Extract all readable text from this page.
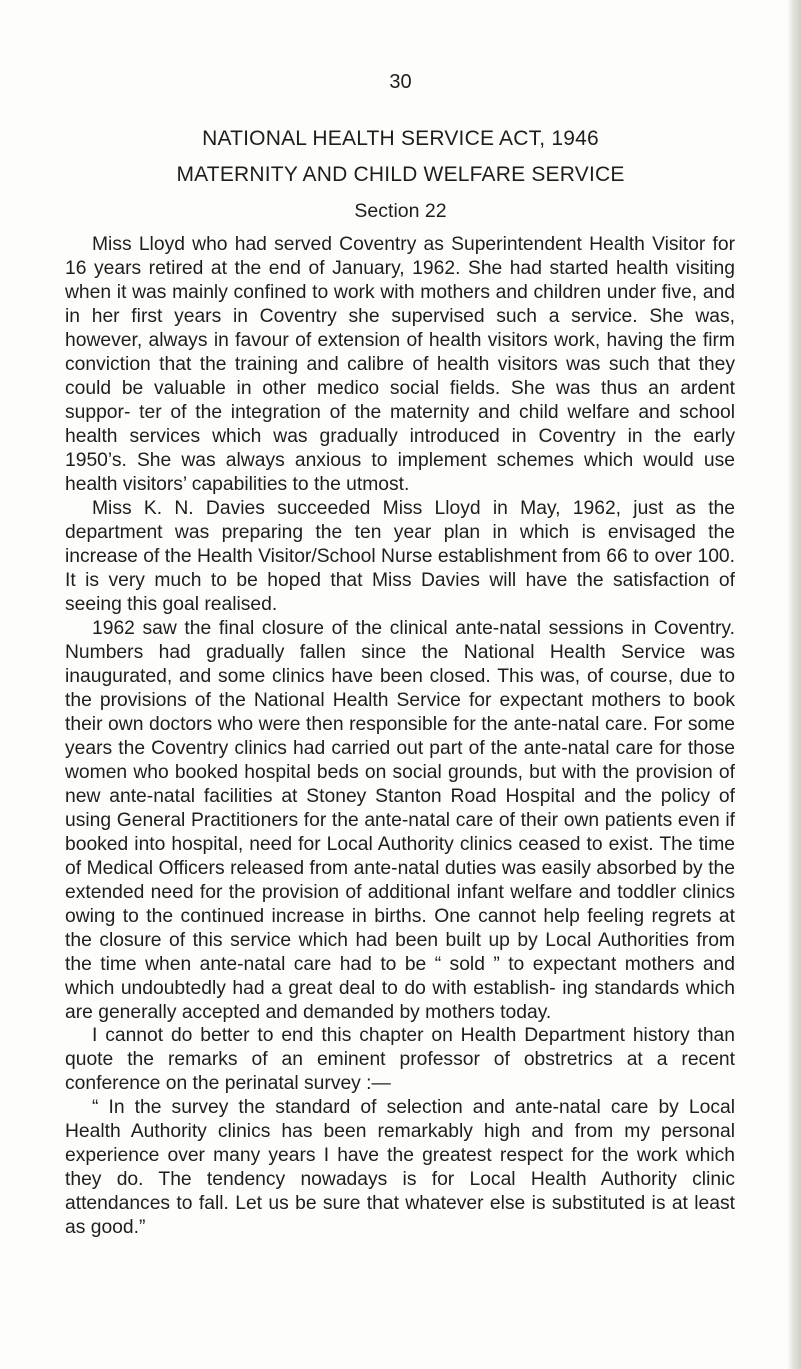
30
NATIONAL HEALTH SERVICE ACT, 1946
MATERNITY AND CHILD WELFARE SERVICE
Section 22

Miss Lloyd who had served Coventry as Superintendent Health Visitor for 16 years retired at the end of January, 1962. She had started health visiting when it was mainly confined to work with mothers and children under five, and in her first years in Coventry she supervised such a service. She was, however, always in favour of extension of health visitors work, having the firm conviction that the training and calibre of health visitors was such that they could be valuable in other medico social fields. She was thus an ardent suppor- ter of the integration of the maternity and child welfare and school health services which was gradually introduced in Coventry in the early 1950’s. She was always anxious to implement schemes which would use health visitors’ capabilities to the utmost.

Miss K. N. Davies succeeded Miss Lloyd in May, 1962, just as the department was preparing the ten year plan in which is envisaged the increase of the Health Visitor/School Nurse establishment from 66 to over 100. It is very much to be hoped that Miss Davies will have the satisfaction of seeing this goal realised.

1962 saw the final closure of the clinical ante-natal sessions in Coventry. Numbers had gradually fallen since the National Health Service was inaugurated, and some clinics have been closed. This was, of course, due to the provisions of the National Health Service for expectant mothers to book their own doctors who were then responsible for the ante-natal care. For some years the Coventry clinics had carried out part of the ante-natal care for those women who booked hospital beds on social grounds, but with the provision of new ante-natal facilities at Stoney Stanton Road Hospital and the policy of using General Practitioners for the ante-natal care of their own patients even if booked into hospital, need for Local Authority clinics ceased to exist. The time of Medical Officers released from ante-natal duties was easily absorbed by the extended need for the provision of additional infant welfare and toddler clinics owing to the continued increase in births. One cannot help feeling regrets at the closure of this service which had been built up by Local Authorities from the time when ante-natal care had to be “ sold ” to expectant mothers and which undoubtedly had a great deal to do with establish- ing standards which are generally accepted and demanded by mothers today.

I cannot do better to end this chapter on Health Department history than quote the remarks of an eminent professor of obstretrics at a recent conference on the perinatal survey :—

“ In the survey the standard of selection and ante-natal care by Local Health Authority clinics has been remarkably high and from my personal experience over many years I have the greatest respect for the work which they do. The tendency nowadays is for Local Health Authority clinic attendances to fall. Let us be sure that whatever else is substituted is at least as good.”
